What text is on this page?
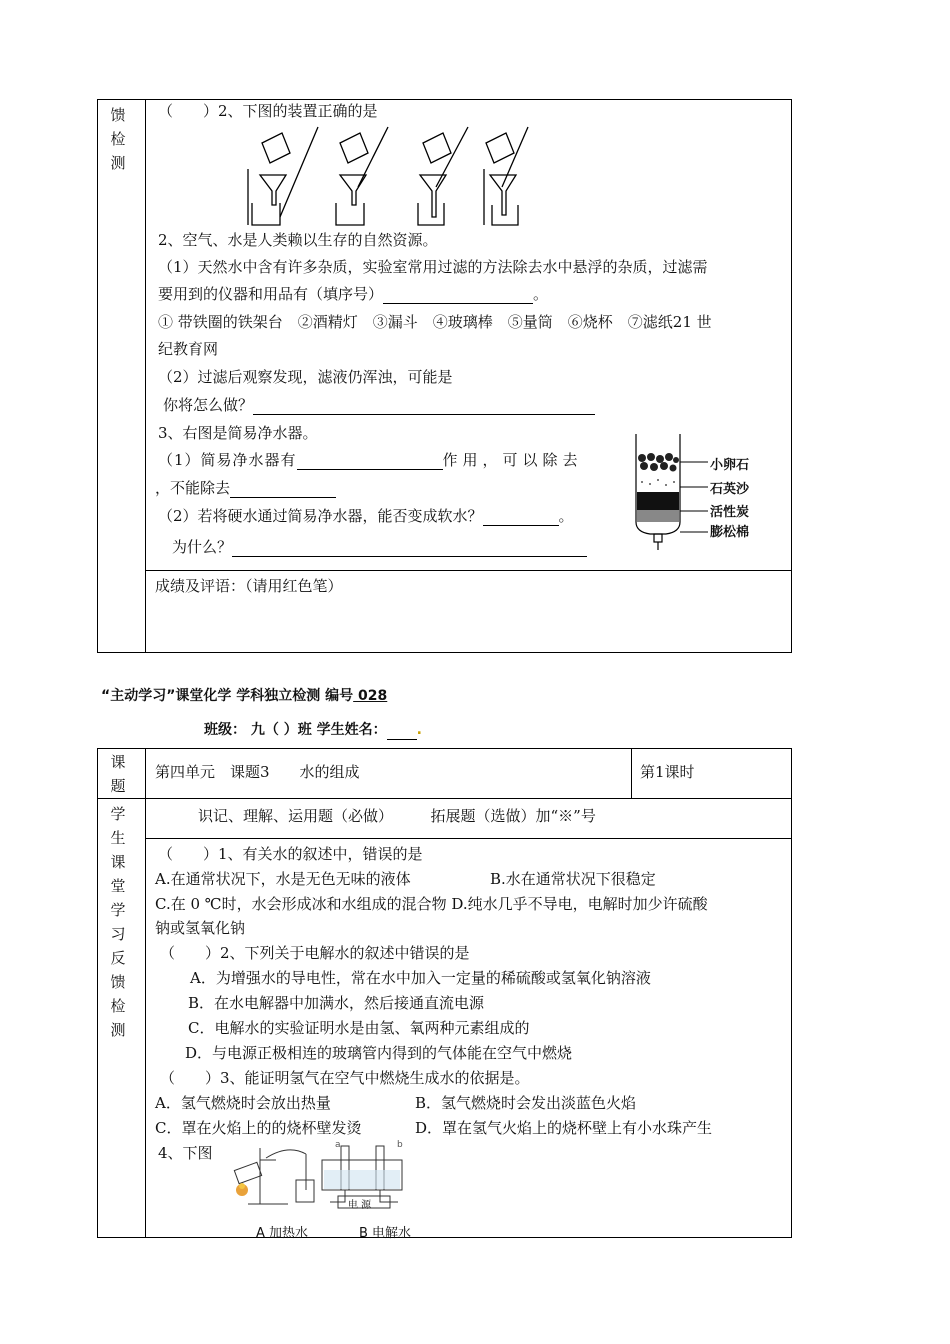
馈
检
测
（　　）2、下图的装置正确的是
2、空气、水是人类赖以生存的自然资源。
（1）天然水中含有许多杂质，实验室常用过滤的方法除去水中悬浮的杂质，过滤需
要用到的仪器和用品有（填序号）	。
① 带铁圈的铁架台　②酒精灯　③漏斗　④玻璃棒　⑤量筒　⑥烧杯　⑦滤纸21 世
纪教育网
（2）过滤后观察发现，滤液仍浑浊，可能是
你将怎么做？
3、右图是简易净水器。
（1）简易净水器有	作用，可以除去
，不能除去
（2）若将硬水通过简易净水器，能否变成软水？	。
为什么？
小卵石
石英沙
活性炭
膨松棉
成绩及评语：（请用红色笔）
“主动学习”课堂化学 学科独立检测 编号 028
班级： 九（ ）班 学生姓名： .
课
题
第四单元　课题3　　水的组成	第1课时
学
生
课
堂
学
习
反
馈
检
测
识记、理解、运用题（必做）　　　拓展题（选做）加“※”号
（　　）1、有关水的叙述中，错误的是
A.在通常状况下，水是无色无味的液体	B.水在通常状况下很稳定
C.在 0 ℃时，水会形成冰和水组成的混合物 D.纯水几乎不导电，电解时加少许硫酸
钠或氢氧化钠
（　　）2、下列关于电解水的叙述中错误的是
A．为增强水的导电性，常在水中加入一定量的稀硫酸或氢氧化钠溶液
B．在水电解器中加满水，然后接通直流电源
C．电解水的实验证明水是由氢、氧两种元素组成的
D．与电源正极相连的玻璃管内得到的气体能在空气中燃烧
（　　）3、能证明氢气在空气中燃烧生成水的依据是。
A．氢气燃烧时会放出热量	B．氢气燃烧时会发出淡蓝色火焰
C．罩在火焰上的的烧杯壁发烫	D．罩在氢气火焰上的烧杯壁上有小水珠产生
4、下图	a	b
电 源
A 加热水	B 电解水
